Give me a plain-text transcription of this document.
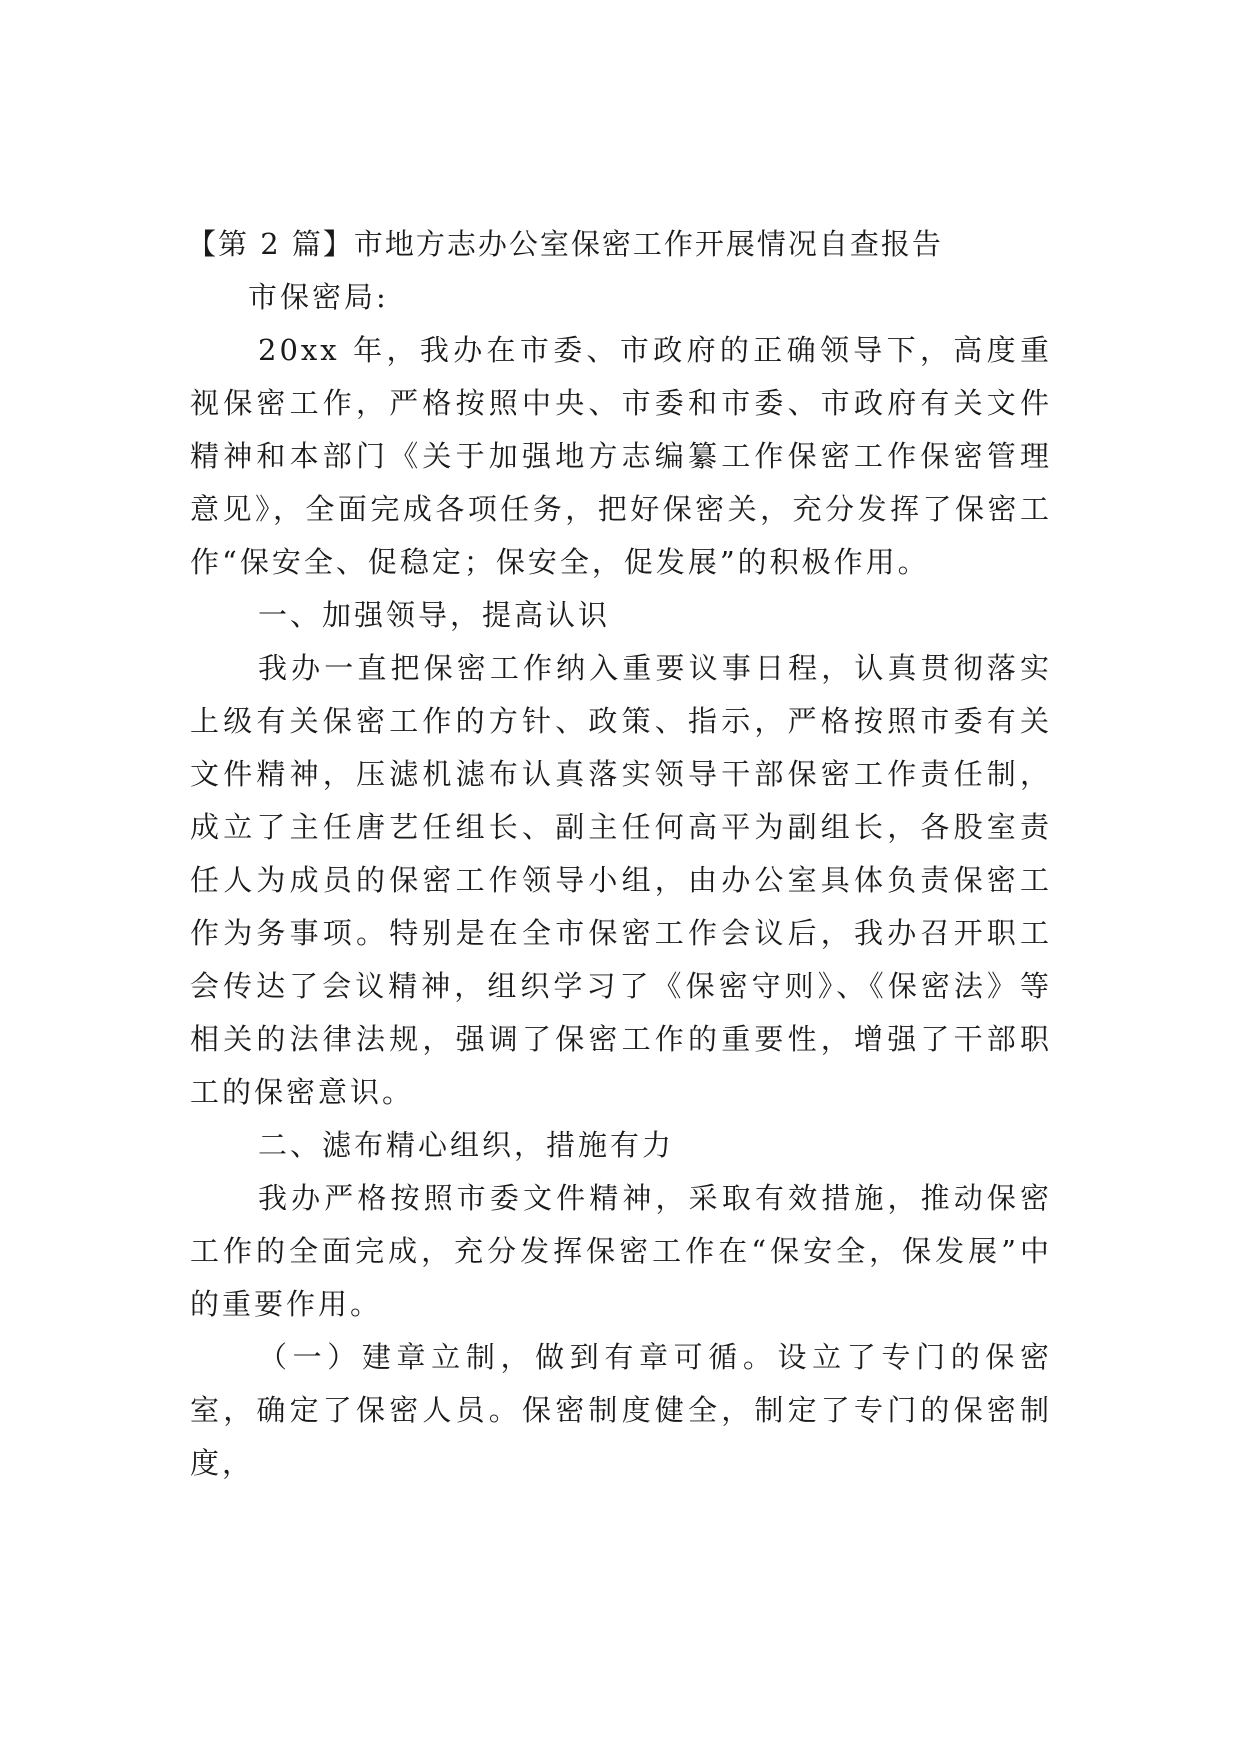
【第 2 篇】市地方志办公室保密工作开展情况自查报告

市保密局:

20xx 年，我办在市委、市政府的正确领导下，高度重视保密工作，严格按照中央、市委和市委、市政府有关文件精神和本部门《关于加强地方志编纂工作保密工作保密管理意见》，全面完成各项任务，把好保密关，充分发挥了保密工作“保安全、促稳定；保安全，促发展”的积极作用。

一、加强领导，提高认识

我办一直把保密工作纳入重要议事日程，认真贯彻落实上级有关保密工作的方针、政策、指示，严格按照市委有关文件精神，压滤机滤布认真落实领导干部保密工作责任制，成立了主任唐艺任组长、副主任何高平为副组长，各股室责任人为成员的保密工作领导小组，由办公室具体负责保密工作为务事项。特别是在全市保密工作会议后，我办召开职工会传达了会议精神，组织学习了《保密守则》、《保密法》等相关的法律法规，强调了保密工作的重要性，增强了干部职工的保密意识。

二、滤布精心组织，措施有力

我办严格按照市委文件精神，采取有效措施，推动保密工作的全面完成，充分发挥保密工作在“保安全，保发展”中的重要作用。

（一）建章立制，做到有章可循。设立了专门的保密室，确定了保密人员。保密制度健全，制定了专门的保密制度，
